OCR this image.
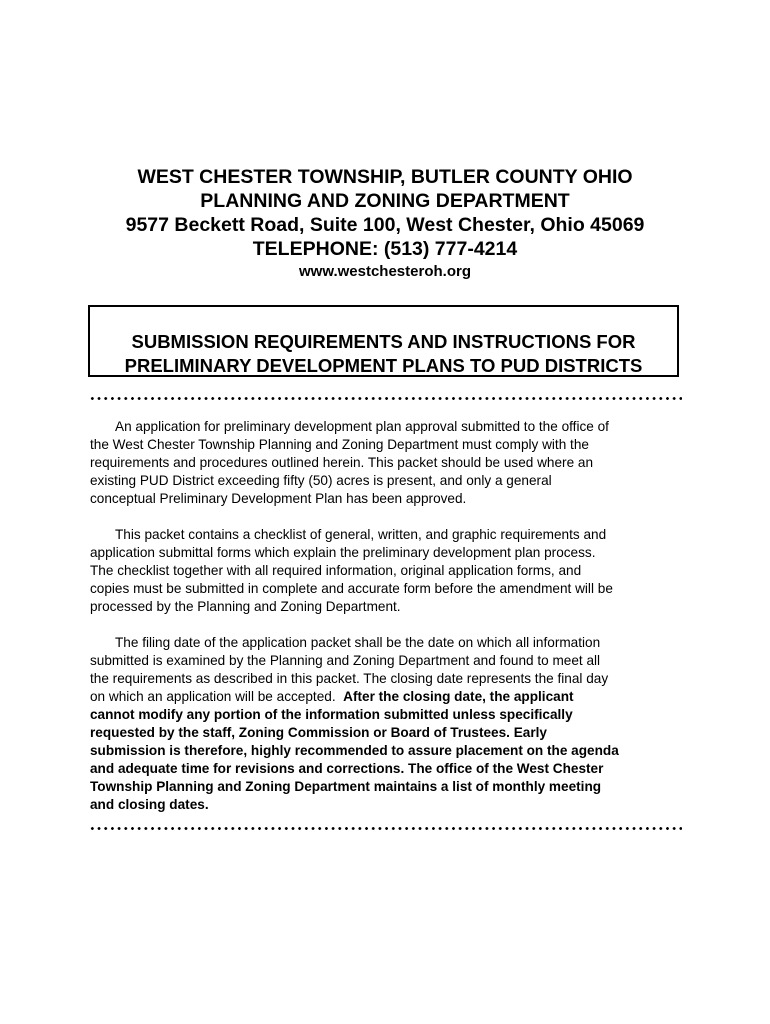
WEST CHESTER TOWNSHIP, BUTLER COUNTY OHIO
PLANNING AND ZONING DEPARTMENT
9577 Beckett Road, Suite 100, West Chester, Ohio 45069
TELEPHONE: (513) 777-4214
www.westchesteroh.org
SUBMISSION REQUIREMENTS AND INSTRUCTIONS FOR
PRELIMINARY DEVELOPMENT PLANS TO PUD DISTRICTS

An application for preliminary development plan approval submitted to the office of
the West Chester Township Planning and Zoning Department must comply with the
requirements and procedures outlined herein. This packet should be used where an
existing PUD District exceeding fifty (50) acres is present, and only a general
conceptual Preliminary Development Plan has been approved.

This packet contains a checklist of general, written, and graphic requirements and
application submittal forms which explain the preliminary development plan process.
The checklist together with all required information, original application forms, and
copies must be submitted in complete and accurate form before the amendment will be
processed by the Planning and Zoning Department.

The filing date of the application packet shall be the date on which all information
submitted is examined by the Planning and Zoning Department and found to meet all
the requirements as described in this packet. The closing date represents the final day
on which an application will be accepted.  After the closing date, the applicant
cannot modify any portion of the information submitted unless specifically
requested by the staff, Zoning Commission or Board of Trustees. Early
submission is therefore, highly recommended to assure placement on the agenda
and adequate time for revisions and corrections. The office of the West Chester
Township Planning and Zoning Department maintains a list of monthly meeting
and closing dates.
